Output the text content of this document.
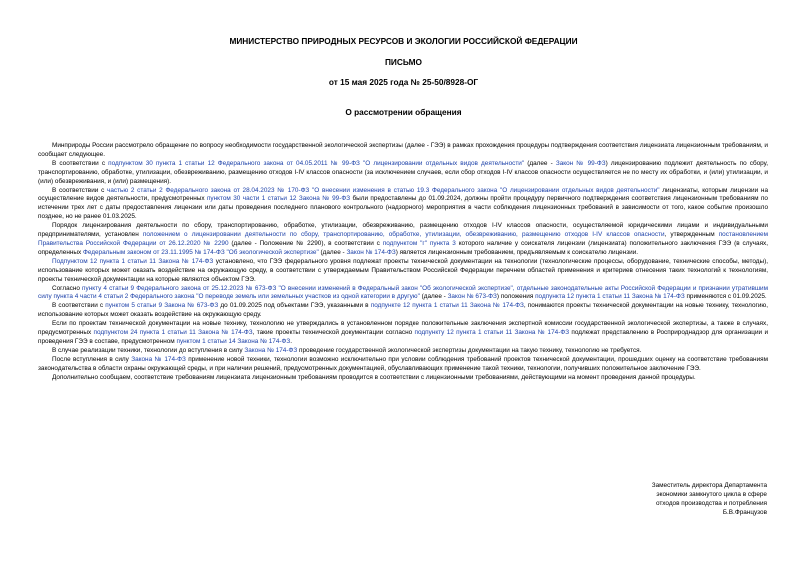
МИНИСТЕРСТВО ПРИРОДНЫХ РЕСУРСОВ И ЭКОЛОГИИ РОССИЙСКОЙ ФЕДЕРАЦИИ
ПИСЬМО
от 15 мая 2025 года № 25-50/8928-ОГ
О рассмотрении обращения

Минприроды России рассмотрело обращение по вопросу необходимости государственной экологической экспертизы (далее - ГЭЭ) в рамках прохождения процедуры подтверждения соответствия лицензиата лицензионным требованиям, и сообщает следующее.

В соответствии с подпунктом 30 пункта 1 статьи 12 Федерального закона от 04.05.2011 № 99-ФЗ "О лицензировании отдельных видов деятельности" (далее - Закон № 99-ФЗ) лицензированию подлежит деятельность по сбору, транспортированию, обработке, утилизации, обезвреживанию, размещению отходов I-IV классов опасности (за исключением случаев, если сбор отходов I-IV классов опасности осуществляется не по месту их обработки, и (или) утилизации, и (или) обезвреживания, и (или) размещения).

В соответствии с частью 2 статьи 2 Федерального закона от 28.04.2023 № 170-ФЗ "О внесении изменения в статью 19.3 Федерального закона "О лицензировании отдельных видов деятельности" лицензиаты, которым лицензии на осуществление видов деятельности, предусмотренных пунктом 30 части 1 статьи 12 Закона № 99-ФЗ были предоставлены до 01.09.2024, должны пройти процедуру первичного подтверждения соответствия лицензионным требованиям по истечении трех лет с даты предоставления лицензии или даты проведения последнего планового контрольного (надзорного) мероприятия в части соблюдения лицензионных требований в зависимости от того, какое событие произошло позднее, но не ранее 01.03.2025.

Порядок лицензирования деятельности по сбору, транспортированию, обработке, утилизации, обезвреживанию, размещению отходов I-IV классов опасности, осуществляемой юридическими лицами и индивидуальными предпринимателями, установлен положением о лицензировании деятельности по сбору, транспортированию, обработке, утилизации, обезвреживанию, размещению отходов I-IV классов опасности, утвержденным постановлением Правительства Российской Федерации от 26.12.2020 № 2290 (далее - Положение № 2290), в соответствии с подпунктом "г" пункта 3 которого наличие у соискателя лицензии (лицензиата) положительного заключения ГЭЭ (в случаях, определенных Федеральным законом от 23.11.1995 № 174-ФЗ "Об экологической экспертизе" (далее - Закон № 174-ФЗ) является лицензионным требованием, предъявляемым к соискателю лицензии.

Подпунктом 12 пункта 1 статьи 11 Закона № 174-ФЗ установлено, что ГЭЭ федерального уровня подлежат проекты технической документации на технологии (технологические процессы, оборудование, технические способы, методы), использование которых может оказать воздействие на окружающую среду, в соответствии с утверждаемым Правительством Российской Федерации перечнем областей применения и критериев отнесения таких технологий к технологиям, проекты технической документации на которые являются объектом ГЭЭ.

Согласно пункту 4 статьи 9 Федерального закона от 25.12.2023 № 673-ФЗ "О внесении изменений в Федеральный закон "Об экологической экспертизе", отдельные законодательные акты Российской Федерации и признании утратившим силу пункта 4 части 4 статьи 2 Федерального закона "О переводе земель или земельных участков из одной категории в другую" (далее - Закон № 673-ФЗ) положения подпункта 12 пункта 1 статьи 11 Закона № 174-ФЗ применяются с 01.09.2025.

В соответствии с пунктом 5 статьи 9 Закона № 673-ФЗ до 01.09.2025 под объектами ГЭЭ, указанными в подпункте 12 пункта 1 статьи 11 Закона № 174-ФЗ, понимаются проекты технической документации на новые технику, технологию, использование которых может оказать воздействие на окружающую среду.

Если по проектам технической документации на новые технику, технологию не утверждались в установленном порядке положительные заключения экспертной комиссии государственной экологической экспертизы, а также в случаях, предусмотренных подпунктом 24 пункта 1 статьи 11 Закона № 174-ФЗ, такие проекты технической документации согласно подпункту 12 пункта 1 статьи 11 Закона № 174-ФЗ подлежат представлению в Росприроднадзор для организации и проведения ГЭЭ в составе, предусмотренном пунктом 1 статьи 14 Закона № 174-ФЗ.

В случае реализации техники, технологии до вступления в силу Закона № 174-ФЗ проведение государственной экологической экспертизы документации на такую технику, технологию не требуется.

После вступления в силу Закона № 174-ФЗ применение новой техники, технологии возможно исключительно при условии соблюдения требований проектов технической документации, прошедших оценку на соответствие требованиям законодательства в области охраны окружающей среды, и при наличии решений, предусмотренных документацией, обуславливающих применение такой техники, технологии, получивших положительное заключение ГЭЭ.

Дополнительно сообщаем, соответствие требованиям лицензиата лицензионным требованиям проводится в соответствии с лицензионными требованиями, действующими на момент проведения данной процедуры.

Заместитель директора Департамента
экономики замкнутого цикла в сфере
отходов производства и потребления
Б.В.Французов
